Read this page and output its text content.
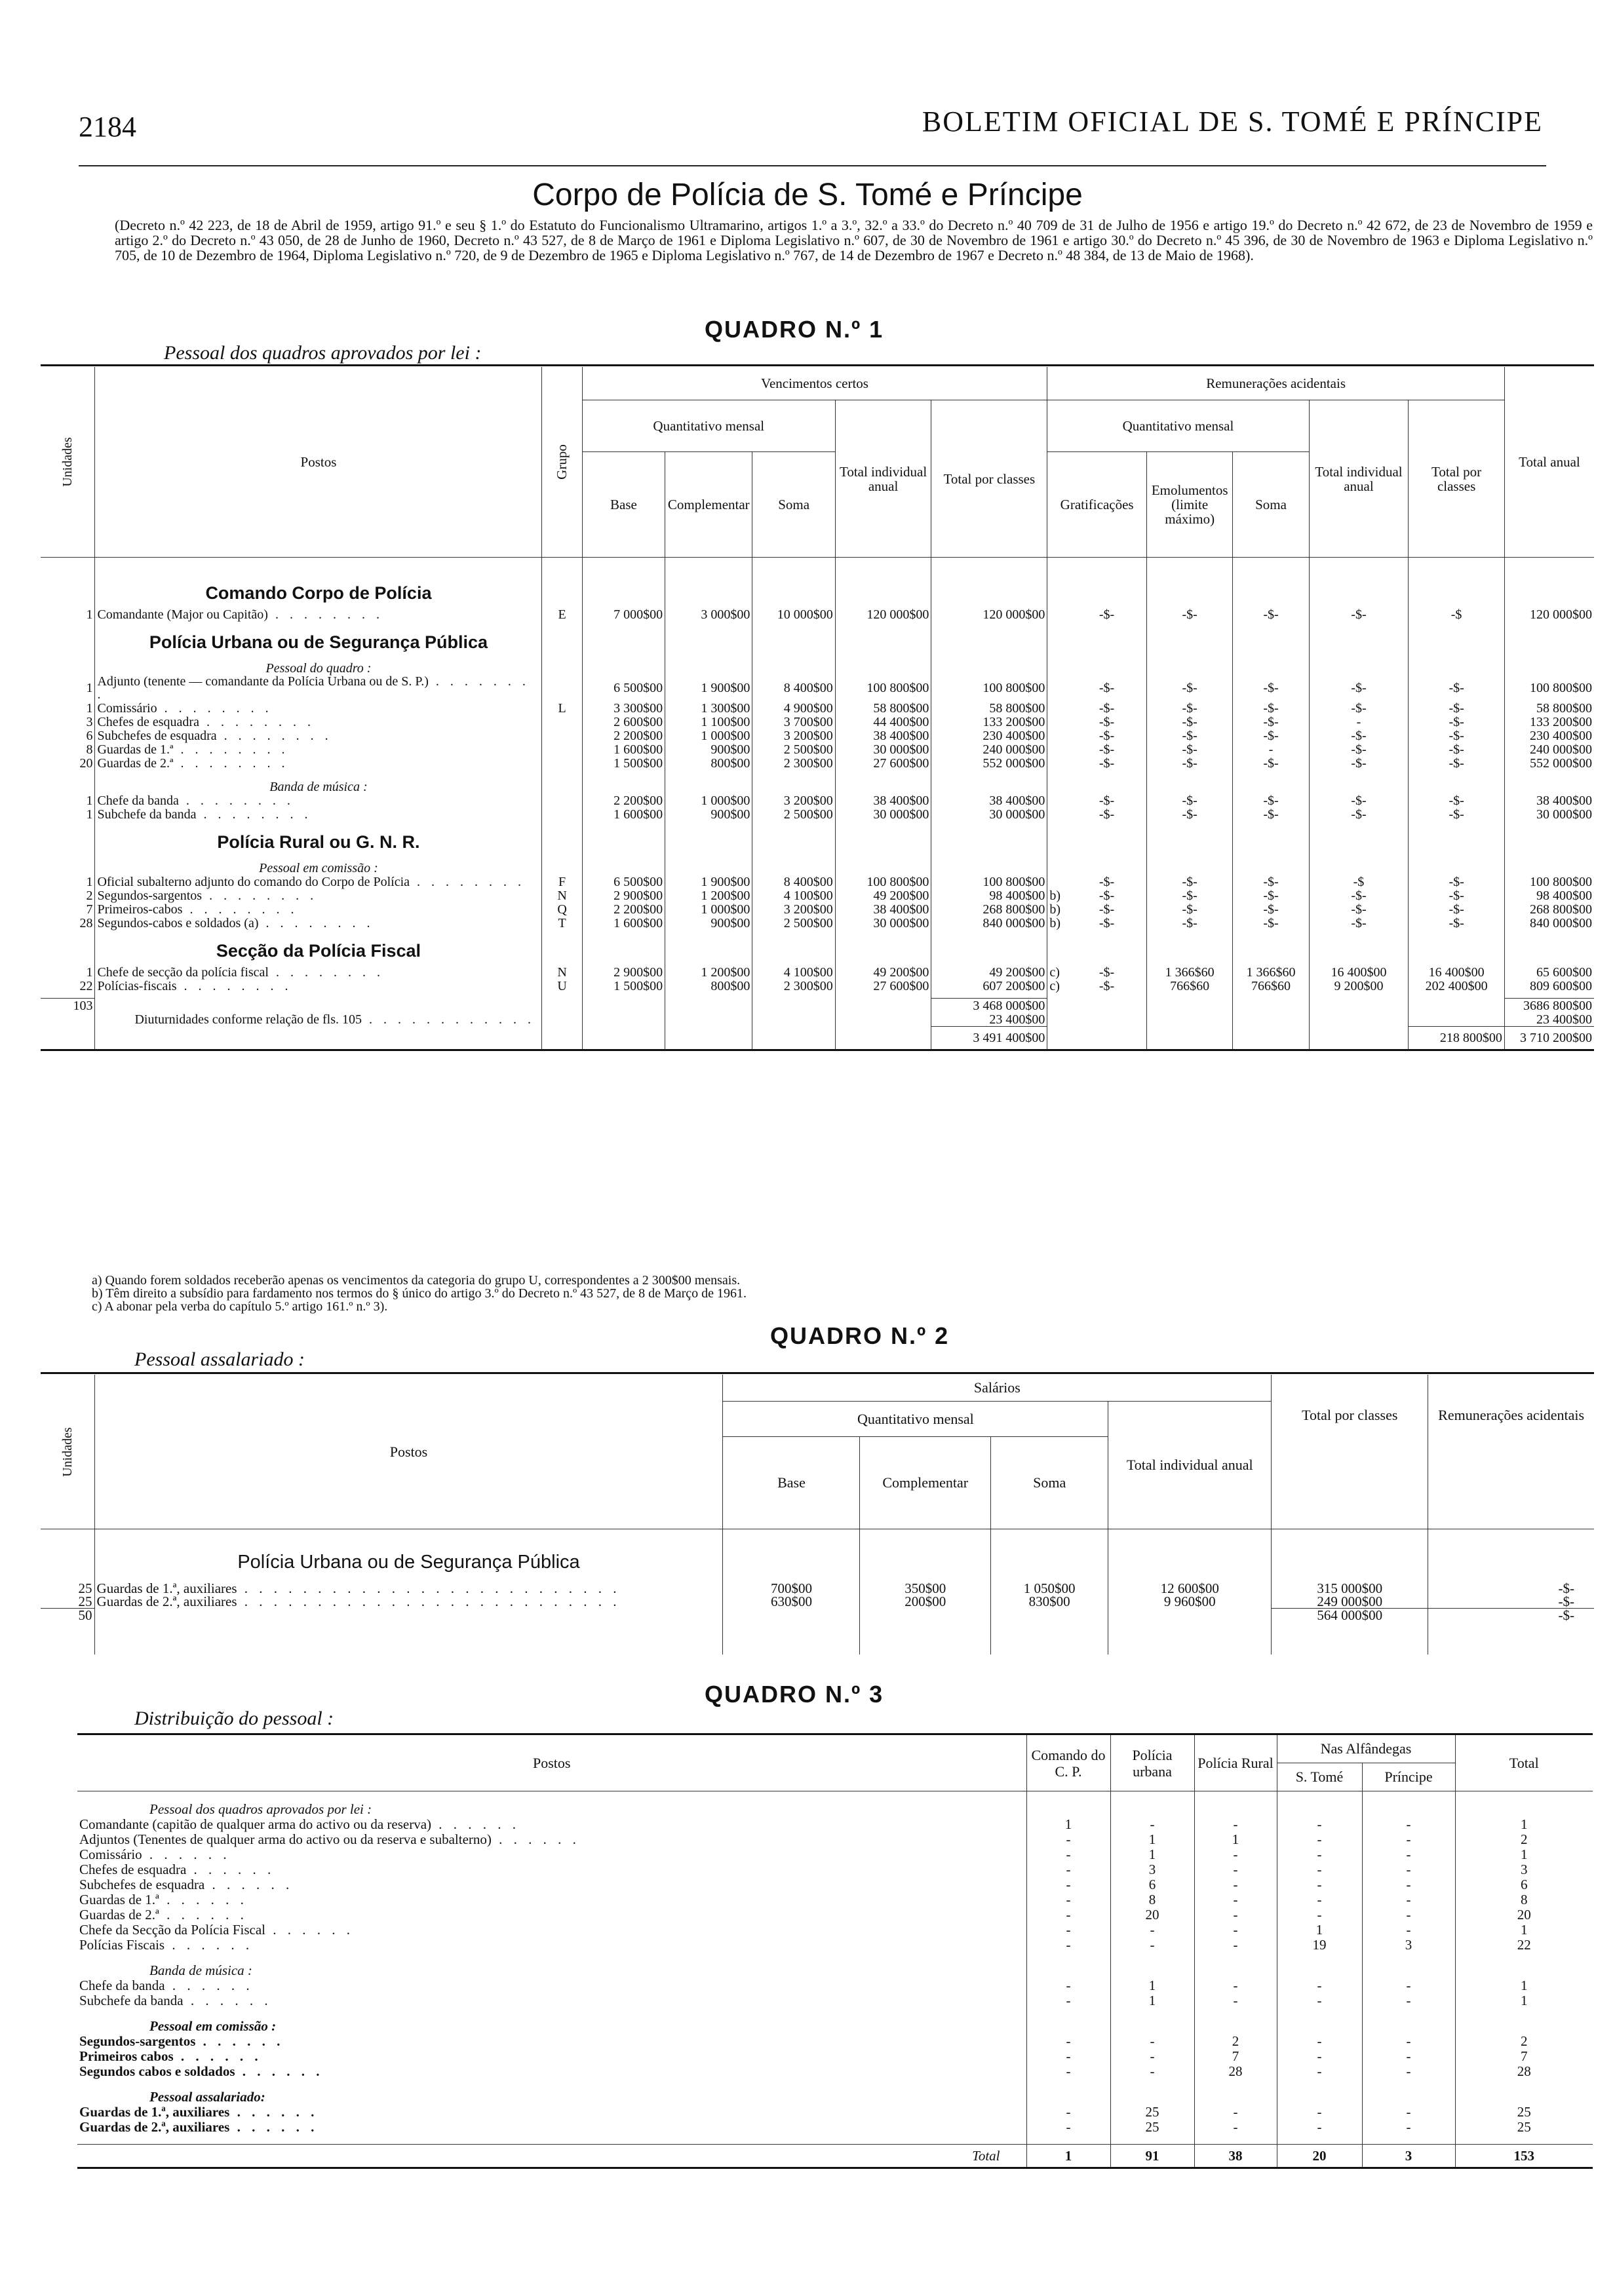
2184	BOLETIM OFICIAL DE S. TOMÉ E PRÍNCIPE
Corpo de Polícia de S. Tomé e Príncipe
(Decreto n.º 42 223, de 18 de Abril de 1959, artigo 91.º e seu § 1.º do Estatuto do Funcionalismo Ultramarino, artigos 1.º a 3.º, 32.º a 33.º do Decreto n.º 40 709 de 31 de Julho de 1956 e artigo 19.º do Decreto n.º 42 672, de 23 de Novembro de 1959 e artigo 2.º do Decreto n.º 43 050, de 28 de Junho de 1960, Decreto n.º 43 527, de 8 de Março de 1961 e Diploma Legislativo n.º 607, de 30 de Novembro de 1961 e artigo 30.º do Decreto n.º 45 396, de 30 de Novembro de 1963 e Diploma Legislativo n.º 705, de 10 de Dezembro de 1964, Diploma Legislativo n.º 720, de 9 de Dezembro de 1965 e Diploma Legislativo n.º 767, de 14 de Dezembro de 1967 e Decreto n.º 48 384, de 13 de Maio de 1968).
QUADRO N.º 1
Pessoal dos quadros aprovados por lei :
Unidades	Postos	Grupo	Vencimentos certos					Remunerações acidentais						Total anual
			Quantitativo mensal			Total individual anual	Total por classes	Quantitativo mensal				Total individual anual	Total por classes	
			Base	Complementar	Soma			Gratificações		Emolumentos (limite máximo)	Soma			

	Comando Corpo de Polícia													
1	Comandante (Major ou Capitão) . . . . . . . .	E	7 000$00	3 000$00	10 000$00	120 000$00	120 000$00		-$-	-$-	-$-	-$-	-$	120 000$00

	Polícia Urbana ou de Segurança Pública													
	Pessoal do quadro :													
1	Adjunto (tenente — comandante da Polícia Urbana ou de S. P.) . . . . . . . .		6 500$00	1 900$00	8 400$00	100 800$00	100 800$00		-$-	-$-	-$-	-$-	-$-	100 800$00
1	Comissário . . . . . . . .	L	3 300$00	1 300$00	4 900$00	58 800$00	58 800$00		-$-	-$-	-$-	-$-	-$-	58 800$00
3	Chefes de esquadra . . . . . . . .		2 600$00	1 100$00	3 700$00	44 400$00	133 200$00		-$-	-$-	-$-	-	-$-	133 200$00
6	Subchefes de esquadra . . . . . . . .		2 200$00	1 000$00	3 200$00	38 400$00	230 400$00		-$-	-$-	-$-	-$-	-$-	230 400$00
8	Guardas de 1.ª . . . . . . . .		1 600$00	900$00	2 500$00	30 000$00	240 000$00		-$-	-$-	-	-$-	-$-	240 000$00
20	Guardas de 2.ª . . . . . . . .		1 500$00	800$00	2 300$00	27 600$00	552 000$00		-$-	-$-	-$-	-$-	-$-	552 000$00

	Banda de música :													
1	Chefe da banda . . . . . . . .		2 200$00	1 000$00	3 200$00	38 400$00	38 400$00		-$-	-$-	-$-	-$-	-$-	38 400$00
1	Subchefe da banda . . . . . . . .		1 600$00	900$00	2 500$00	30 000$00	30 000$00		-$-	-$-	-$-	-$-	-$-	30 000$00

	Polícia Rural ou G. N. R.													
	Pessoal em comissão :													
1	Oficial subalterno adjunto do comando do Corpo de Polícia . . . . . . . .	F	6 500$00	1 900$00	8 400$00	100 800$00	100 800$00		-$-	-$-	-$-	-$	-$-	100 800$00
2	Segundos-sargentos . . . . . . . .	N	2 900$00	1 200$00	4 100$00	49 200$00	98 400$00	b)	-$-	-$-	-$-	-$-	-$-	98 400$00
7	Primeiros-cabos . . . . . . . .	Q	2 200$00	1 000$00	3 200$00	38 400$00	268 800$00	b)	-$-	-$-	-$-	-$-	-$-	268 800$00
28	Segundos-cabos e soldados (a) . . . . . . . .	T	1 600$00	900$00	2 500$00	30 000$00	840 000$00	b)	-$-	-$-	-$-	-$-	-$-	840 000$00

	Secção da Polícia Fiscal													
1	Chefe de secção da polícia fiscal . . . . . . . .	N	2 900$00	1 200$00	4 100$00	49 200$00	49 200$00	c)	-$-	1 366$60	1 366$60	16 400$00	16 400$00	65 600$00
22	Polícias-fiscais . . . . . . . .	U	1 500$00	800$00	2 300$00	27 600$00	607 200$00	c)	-$-	766$60	766$60	9 200$00	202 400$00	809 600$00

103							3 468 000$00							3686 800$00
	Diuturnidades conforme relação de fls. 105 . . . . . . . . . . . .						23 400$00							23 400$00
							3 491 400$00						218 800$00	3 710 200$00
a) Quando forem soldados receberão apenas os vencimentos da categoria do grupo U, correspondentes a 2 300$00 mensais.
b) Têm direito a subsídio para fardamento nos termos do § único do artigo 3.º do Decreto n.º 43 527, de 8 de Março de 1961.
c) A abonar pela verba do capítulo 5.º artigo 161.º n.º 3).
QUADRO N.º 2
Pessoal assalariado :
Unidades	Postos	Salários				Total por classes	Remunerações acidentais
		Quantitativo mensal			Total individual anual		
		Base	Complementar	Soma			
	Polícia Urbana ou de Segurança Pública						

25	Guardas de 1.ª, auxiliares . . . . . . . . . . . . . . . . . . . . . . . . . .	700$00	350$00	1 050$00	12 600$00	315 000$00	-$-
25	Guardas de 2.ª, auxiliares . . . . . . . . . . . . . . . . . . . . . . . . . .	630$00	200$00	830$00	9 960$00	249 000$00	-$-
50						564 000$00	-$-

QUADRO N.º 3
Distribuição do pessoal :
Postos	Comando do C. P.	Polícia urbana	Polícia Rural	Nas Alfândegas		Total
				S. Tomé	Príncipe	
Pessoal dos quadros aprovados por lei :						
Comandante (capitão de qualquer arma do activo ou da reserva) . . . . . .	1	-	-	-	-	1
Adjuntos (Tenentes de qualquer arma do activo ou da reserva e subalterno) . . . . . .	-	1	1	-	-	2
Comissário . . . . . .	-	1	-	-	-	1
Chefes de esquadra . . . . . .	-	3	-	-	-	3
Subchefes de esquadra . . . . . .	-	6	-	-	-	6
Guardas de 1.ª . . . . . .	-	8	-	-	-	8
Guardas de 2.ª . . . . . .	-	20	-	-	-	20
Chefe da Secção da Polícia Fiscal . . . . . .	-	-	-	1	-	1
Polícias Fiscais . . . . . .	-	-	-	19	3	22
Banda de música :						
Chefe da banda . . . . . .	-	1	-	-	-	1
Subchefe da banda . . . . . .	-	1	-	-	-	1
Pessoal em comissão :						
Segundos-sargentos . . . . . .	-	-	2	-	-	2
Primeiros cabos . . . . . .	-	-	7	-	-	7
Segundos cabos e soldados . . . . . .	-	-	28	-	-	28
Pessoal assalariado:						
Guardas de 1.ª, auxiliares . . . . . .	-	25	-	-	-	25
Guardas de 2.ª, auxiliares . . . . . .	-	25	-	-	-	25

Total	1	91	38	20	3	153
